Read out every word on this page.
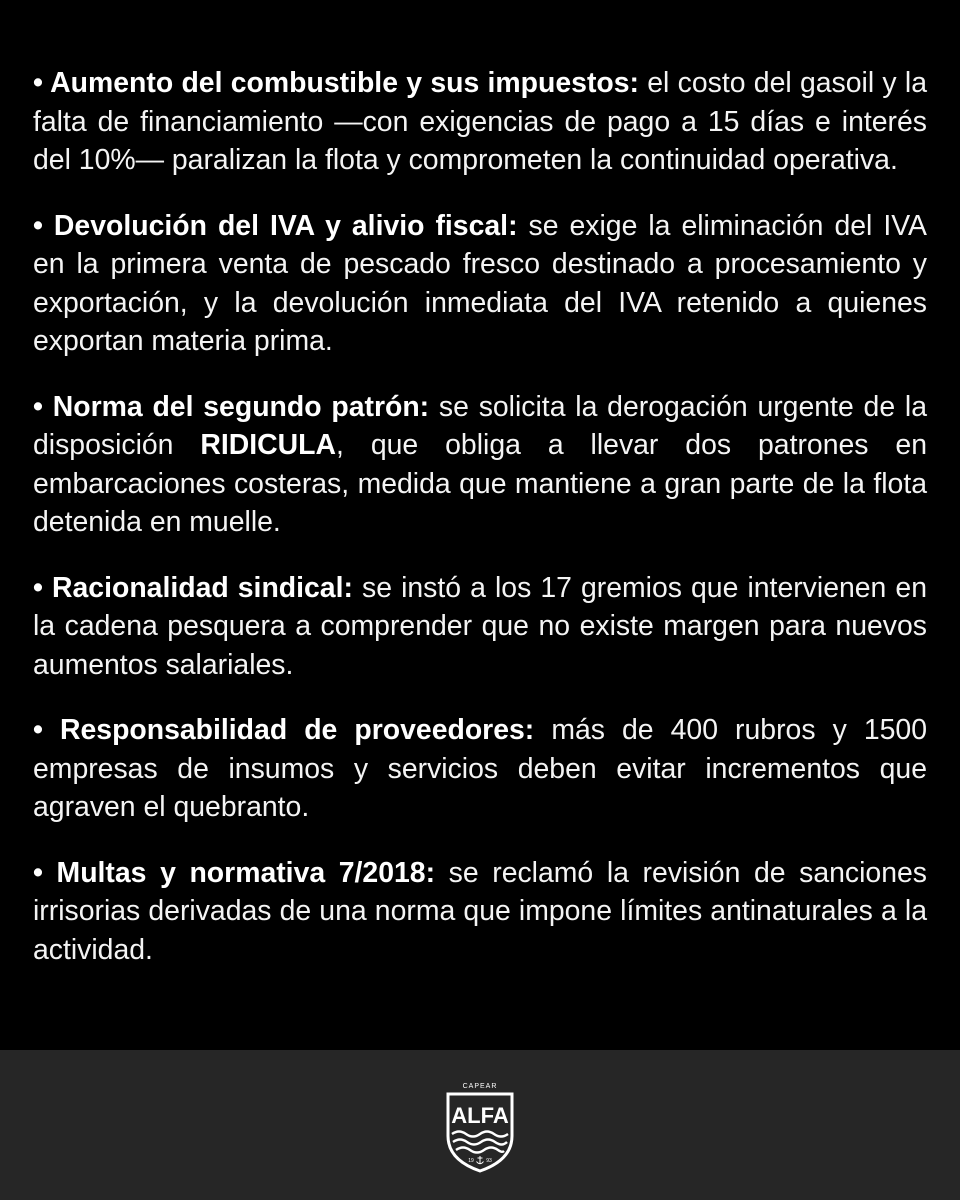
• Aumento del combustible y sus impuestos: el costo del gasoil y la falta de financiamiento —con exigencias de pago a 15 días e interés del 10%— paralizan la flota y comprometen la continuidad operativa.

• Devolución del IVA y alivio fiscal: se exige la eliminación del IVA en la primera venta de pescado fresco destinado a procesamiento y exportación, y la devolución inmediata del IVA retenido a quienes exportan materia prima.

• Norma del segundo patrón: se solicita la derogación urgente de la disposición RIDICULA, que obliga a llevar dos patrones en embarcaciones costeras, medida que mantiene a gran parte de la flota detenida en muelle.

• Racionalidad sindical: se instó a los 17 gremios que intervienen en la cadena pesquera a comprender que no existe margen para nuevos aumentos salariales.

• Responsabilidad de proveedores: más de 400 rubros y 1500 empresas de insumos y servicios deben evitar incrementos que agraven el quebranto.

• Multas y normativa 7/2018: se reclamó la revisión de sanciones irrisorias derivadas de una norma que impone límites antinaturales a la actividad.

CAPEAR
ALFA
19 93
